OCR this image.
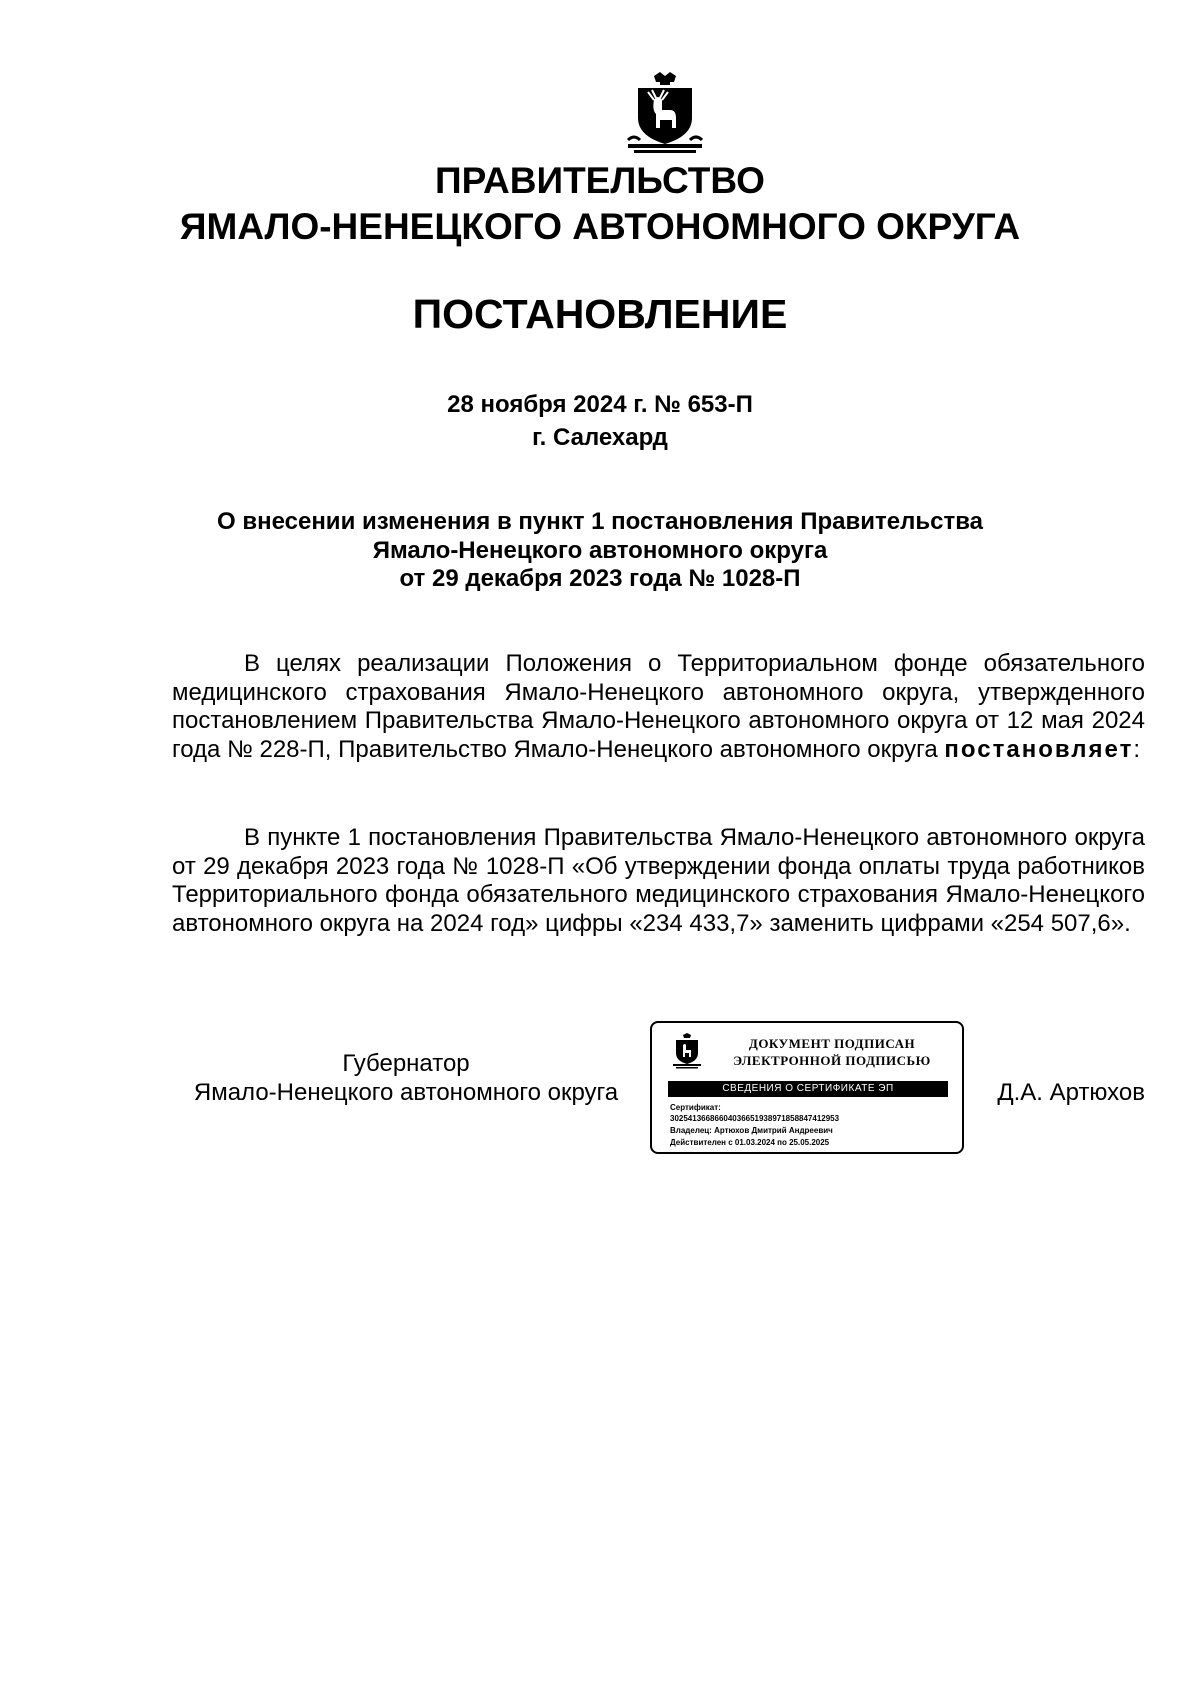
ПРАВИТЕЛЬСТВО
ЯМАЛО-НЕНЕЦКОГО АВТОНОМНОГО ОКРУГА
ПОСТАНОВЛЕНИЕ
28 ноября 2024 г. № 653-П
г. Салехард
О внесении изменения в пункт 1 постановления Правительства
Ямало-Ненецкого автономного округа
от 29 декабря 2023 года № 1028-П

В целях реализации Положения о Территориальном фонде обязательного медицинского страхования Ямало-Ненецкого автономного округа, утвержденного постановлением Правительства Ямало-Ненецкого автономного округа от 12 мая 2024 года № 228-П, Правительство Ямало-Ненецкого автономного округа постановляет:

В пункте 1 постановления Правительства Ямало-Ненецкого автономного округа от 29 декабря 2023 года № 1028-П «Об утверждении фонда оплаты труда работников Территориального фонда обязательного медицинского страхования Ямало-Ненецкого автономного округа на 2024 год» цифры «234 433,7» заменить цифрами «254 507,6».

Губернатор
Ямало-Ненецкого автономного округа
ДОКУМЕНТ ПОДПИСАН
ЭЛЕКТРОННОЙ ПОДПИСЬЮ
СВЕДЕНИЯ О СЕРТИФИКАТЕ ЭП
Сертификат:
30254136686604036651938971858847412953
Владелец: Артюхов Дмитрий Андреевич
Действителен с 01.03.2024 по 25.05.2025
Д.А. Артюхов
